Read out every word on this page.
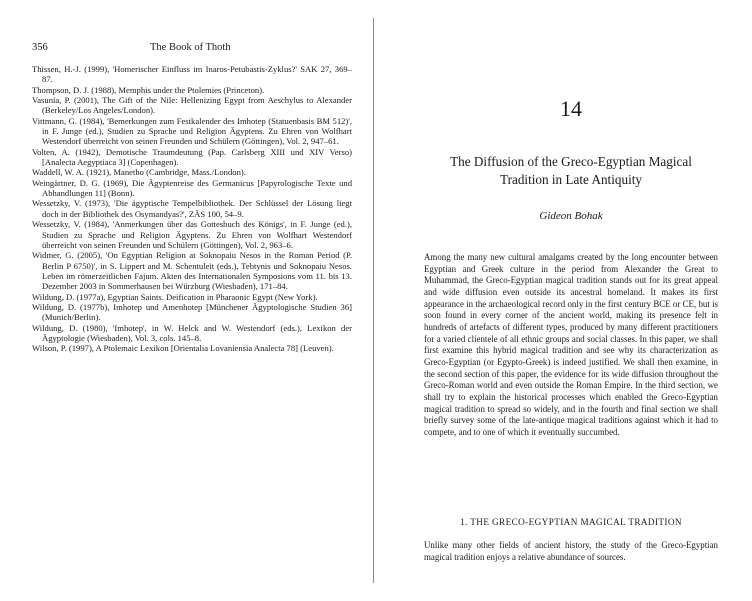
356	The Book of Thoth

Thissen, H.-J. (1999), 'Homerischer Einfluss im Inaros-Petubastis-Zyklus?' SAK 27, 369–87.

Thompson, D. J. (1988), Memphis under the Ptolemies (Princeton).

Vasunia, P. (2001), The Gift of the Nile: Hellenizing Egypt from Aeschylus to Alexander (Berkeley/Los Angeles/London).

Vittmann, G. (1984), 'Bemerkungen zum Festkalender des Imhotep (Statuenbasis BM 512)', in F. Junge (ed.), Studien zu Sprache und Religion Ägyptens. Zu Ehren von Wolfhart Westendorf überreicht von seinen Freunden und Schülern (Göttingen), Vol. 2, 947–61.

Volten, A. (1942), Demotische Traumdeutung (Pap. Carlsberg XIII und XIV Verso) [Analecta Aegyptiaca 3] (Copenhagen).

Waddell, W. A. (1921), Manetho (Cambridge, Mass./London).

Weingärtner, D. G. (1969), Die Ägyptenreise des Germanicus [Papyrologische Texte und Abhandlungen 11] (Bonn).

Wessetzky, V. (1973), 'Die ägyptische Tempelbibliothek. Der Schlüssel der Lösung liegt doch in der Bibliothek des Osymandyas?', ZÄS 100, 54–9.

Wessetzky, V. (1984), 'Anmerkungen über das Gottesbuch des Königs', in F. Junge (ed.), Studien zu Sprache und Religion Ägyptens. Zu Ehren von Wolfhart Westendorf überreicht von seinen Freunden und Schülern (Göttingen), Vol. 2, 963–6.

Widmer, G. (2005), 'On Egyptian Religion at Soknopaiu Nesos in the Roman Period (P. Berlin P 6750)', in S. Lippert and M. Schentuleit (eds.), Tebtynis und Soknopaiu Nesos. Leben im römerzeitlichen Fajum. Akten des Internationalen Symposions vom 11. bis 13. Dezember 2003 in Sommerhausen bei Würzburg (Wiesbaden), 171–84.

Wildung, D. (1977a), Egyptian Saints. Deification in Pharaonic Egypt (New York).

Wildung, D. (1977b), Imhotep und Amenhotep [Münchener Ägyptologische Studien 36] (Munich/Berlin).

Wildung, D. (1980), 'Imhotep', in W. Helck and W. Westendorf (eds.), Lexikon der Ägyptologie (Wiesbaden), Vol. 3, cols. 145–8.

Wilson, P. (1997), A Ptolemaic Lexikon [Orientalia Lovaniensia Analecta 78] (Leuven).

14
The Diffusion of the Greco-Egyptian Magical
Tradition in Late Antiquity
Gideon Bohak

Among the many new cultural amalgams created by the long encounter between Egyptian and Greek culture in the period from Alexander the Great to Muhammad, the Greco-Egyptian magical tradition stands out for its great appeal and wide diffusion even outside its ancestral homeland. It makes its first appearance in the archaeological record only in the first century BCE or CE, but is soon found in every corner of the ancient world, making its presence felt in hundreds of artefacts of different types, produced by many different practitioners for a varied clientele of all ethnic groups and social classes. In this paper, we shall first examine this hybrid magical tradition and see why its characterization as Greco-Egyptian (or Egypto-Greek) is indeed justified. We shall then examine, in the second section of this paper, the evidence for its wide diffusion throughout the Greco-Roman world and even outside the Roman Empire. In the third section, we shall try to explain the historical processes which enabled the Greco-Egyptian magical tradition to spread so widely, and in the fourth and final section we shall briefly survey some of the late-antique magical traditions against which it had to compete, and to one of which it eventually succumbed.

1. THE GRECO-EGYPTIAN MAGICAL TRADITION

Unlike many other fields of ancient history, the study of the Greco-Egyptian magical tradition enjoys a relative abundance of sources.
